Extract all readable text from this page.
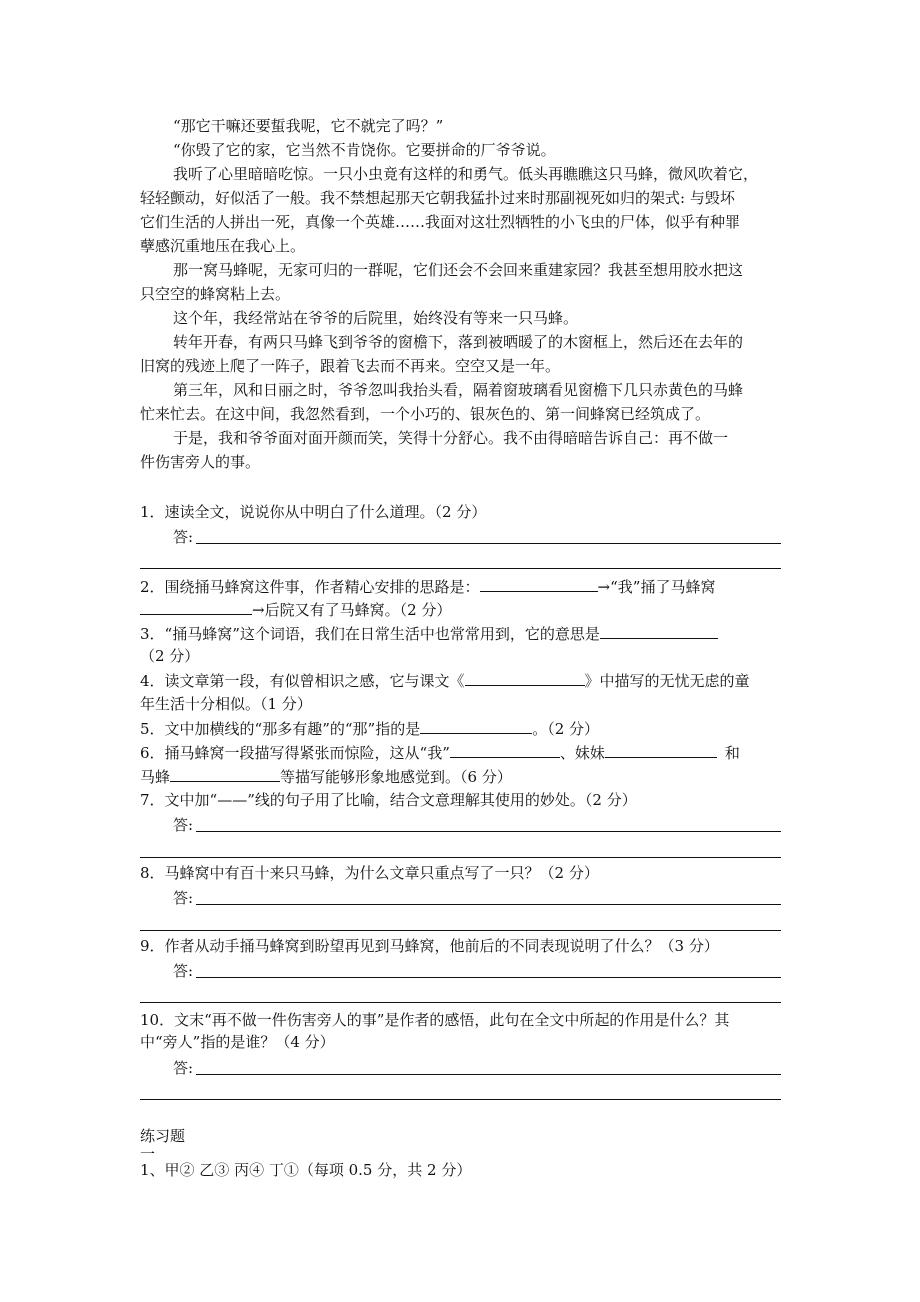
“那它干嘛还要蜇我呢，它不就完了吗？”
“你毁了它的家，它当然不肯饶你。它要拼命的厂爷爷说。
我听了心里暗暗吃惊。一只小虫竟有这样的和勇气。低头再瞧瞧这只马蜂，微风吹着它，
轻轻颤动，好似活了一般。我不禁想起那天它朝我猛扑过来时那副视死如归的架式: 与毁坏
它们生活的人拼出一死，真像一个英雄……我面对这壮烈牺牲的小飞虫的尸体，似乎有种罪
孽感沉重地压在我心上。
那一窝马蜂呢，无家可归的一群呢，它们还会不会回来重建家园？我甚至想用胶水把这
只空空的蜂窝粘上去。
这个年，我经常站在爷爷的后院里，始终没有等来一只马蜂。
转年开春，有两只马蜂飞到爷爷的窗檐下，落到被晒暖了的木窗框上，然后还在去年的
旧窝的残迹上爬了一阵子，跟着飞去而不再来。空空又是一年。
第三年，风和日丽之时，爷爷忽叫我抬头看，隔着窗玻璃看见窗檐下几只赤黄色的马蜂
忙来忙去。在这中间，我忽然看到，一个小巧的、银灰色的、第一间蜂窝已经筑成了。
于是，我和爷爷面对面开颜而笑，笑得十分舒心。我不由得暗暗告诉自己：再不做一
件伤害旁人的事。
1．速读全文，说说你从中明白了什么道理。（2 分）
答:
2．围绕捅马蜂窝这件事，作者精心安排的思路是：	→“我”捅了马蜂窝
→后院又有了马蜂窝。（2 分）
3．“捅马蜂窝”这个词语，我们在日常生活中也常常用到，它的意思是
（2 分）
4．读文章第一段，有似曾相识之感，它与课文《	》中描写的无忧无虑的童
年生活十分相似。（1 分）
5．文中加横线的“那多有趣”的“那”指的是	。（2 分）
6．捅马蜂窝一段描写得紧张而惊险，这从“我”	、妹妹	和
马蜂	等描写能够形象地感觉到。（6 分）
7．文中加“——”线的句子用了比喻，结合文意理解其使用的妙处。（2 分）
答:
8．马蜂窝中有百十来只马蜂，为什么文章只重点写了一只？（2 分）
答:
9．作者从动手捅马蜂窝到盼望再见到马蜂窝，他前后的不同表现说明了什么？（3 分）
答:
10．文末“再不做一件伤害旁人的事”是作者的感悟，此句在全文中所起的作用是什么？其
中“旁人”指的是谁？（4 分）
答:
练习题
一
1、甲② 乙③ 丙④ 丁①（每项 0.5 分，共 2 分）
